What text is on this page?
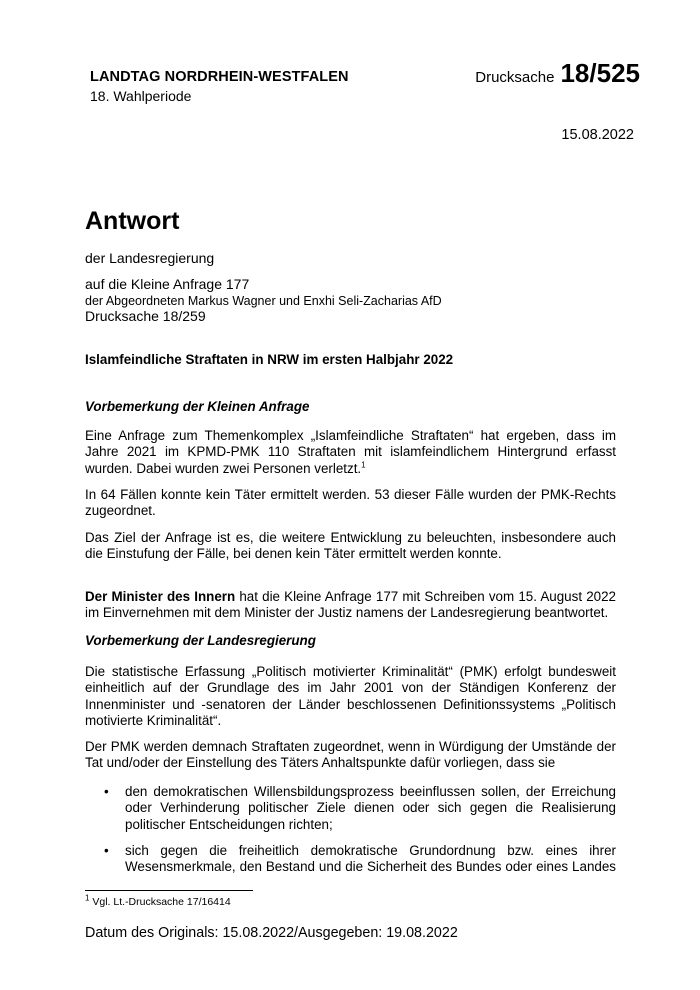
LANDTAG NORDRHEIN-WESTFALEN
18. Wahlperiode
Drucksache 18/525
15.08.2022
Antwort
der Landesregierung
auf die Kleine Anfrage 177
der Abgeordneten Markus Wagner und Enxhi Seli-Zacharias AfD
Drucksache 18/259
Islamfeindliche Straftaten in NRW im ersten Halbjahr 2022
Vorbemerkung der Kleinen Anfrage
Eine Anfrage zum Themenkomplex „Islamfeindliche Straftaten“ hat ergeben, dass im Jahre 2021 im KPMD-PMK 110 Straftaten mit islamfeindlichem Hintergrund erfasst wurden. Dabei wurden zwei Personen verletzt.$^1$
In 64 Fällen konnte kein Täter ermittelt werden. 53 dieser Fälle wurden der PMK-Rechts zugeordnet.
Das Ziel der Anfrage ist es, die weitere Entwicklung zu beleuchten, insbesondere auch die Einstufung der Fälle, bei denen kein Täter ermittelt werden konnte.
Der Minister des Innern hat die Kleine Anfrage 177 mit Schreiben vom 15. August 2022 im Einvernehmen mit dem Minister der Justiz namens der Landesregierung beantwortet.
Vorbemerkung der Landesregierung
Die statistische Erfassung „Politisch motivierter Kriminalität“ (PMK) erfolgt bundesweit einheitlich auf der Grundlage des im Jahr 2001 von der Ständigen Konferenz der Innenminister und -senatoren der Länder beschlossenen Definitionssystems „Politisch motivierte Kriminalität“.
Der PMK werden demnach Straftaten zugeordnet, wenn in Würdigung der Umstände der Tat und/oder der Einstellung des Täters Anhaltspunkte dafür vorliegen, dass sie
• den demokratischen Willensbildungsprozess beeinflussen sollen, der Erreichung oder Verhinderung politischer Ziele dienen oder sich gegen die Realisierung politischer Entscheidungen richten;
• sich gegen die freiheitlich demokratische Grundordnung bzw. eines ihrer Wesensmerkmale, den Bestand und die Sicherheit des Bundes oder eines Landes
$^1$ Vgl. Lt.-Drucksache 17/16414
Datum des Originals: 15.08.2022/Ausgegeben: 19.08.2022
